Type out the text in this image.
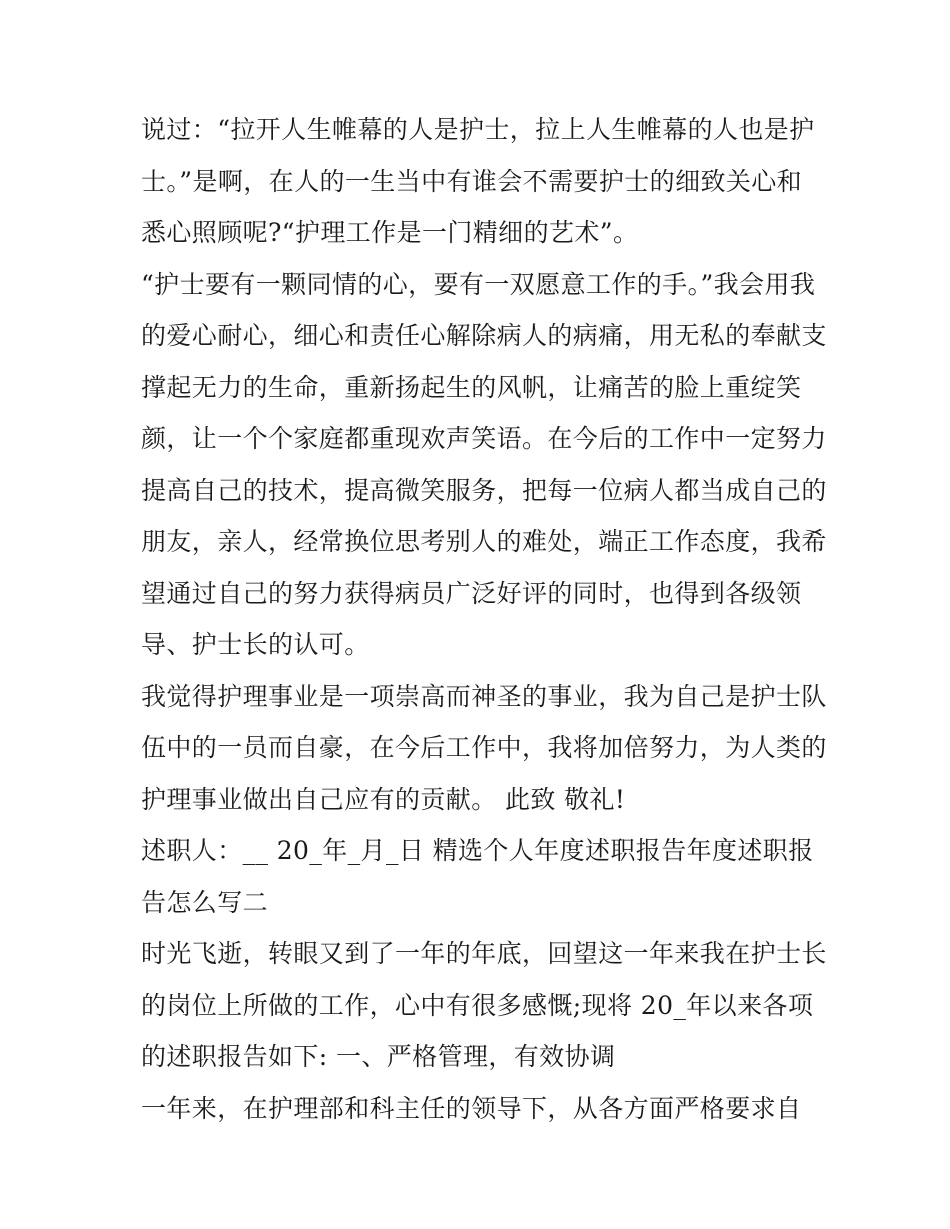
说过：“拉开人生帷幕的人是护士，拉上人生帷幕的人也是护
士。”是啊，在人的一生当中有谁会不需要护士的细致关心和
悉心照顾呢?“护理工作是一门精细的艺术”。
“护士要有一颗同情的心，要有一双愿意工作的手。”我会用我
的爱心耐心，细心和责任心解除病人的病痛，用无私的奉献支
撑起无力的生命，重新扬起生的风帆，让痛苦的脸上重绽笑
颜，让一个个家庭都重现欢声笑语。在今后的工作中一定努力
提高自己的技术，提高微笑服务，把每一位病人都当成自己的
朋友，亲人，经常换位思考别人的难处，端正工作态度，我希
望通过自己的努力获得病员广泛好评的同时，也得到各级领
导、护士长的认可。
我觉得护理事业是一项崇高而神圣的事业，我为自己是护士队
伍中的一员而自豪，在今后工作中，我将加倍努力，为人类的
护理事业做出自己应有的贡献。 此致 敬礼!
述职人：__ 20_年_月_日 精选个人年度述职报告年度述职报
告怎么写二
时光飞逝，转眼又到了一年的年底，回望这一年来我在护士长
的岗位上所做的工作，心中有很多感慨;现将 20_年以来各项
的述职报告如下: 一、严格管理，有效协调
一年来，在护理部和科主任的领导下，从各方面严格要求自
